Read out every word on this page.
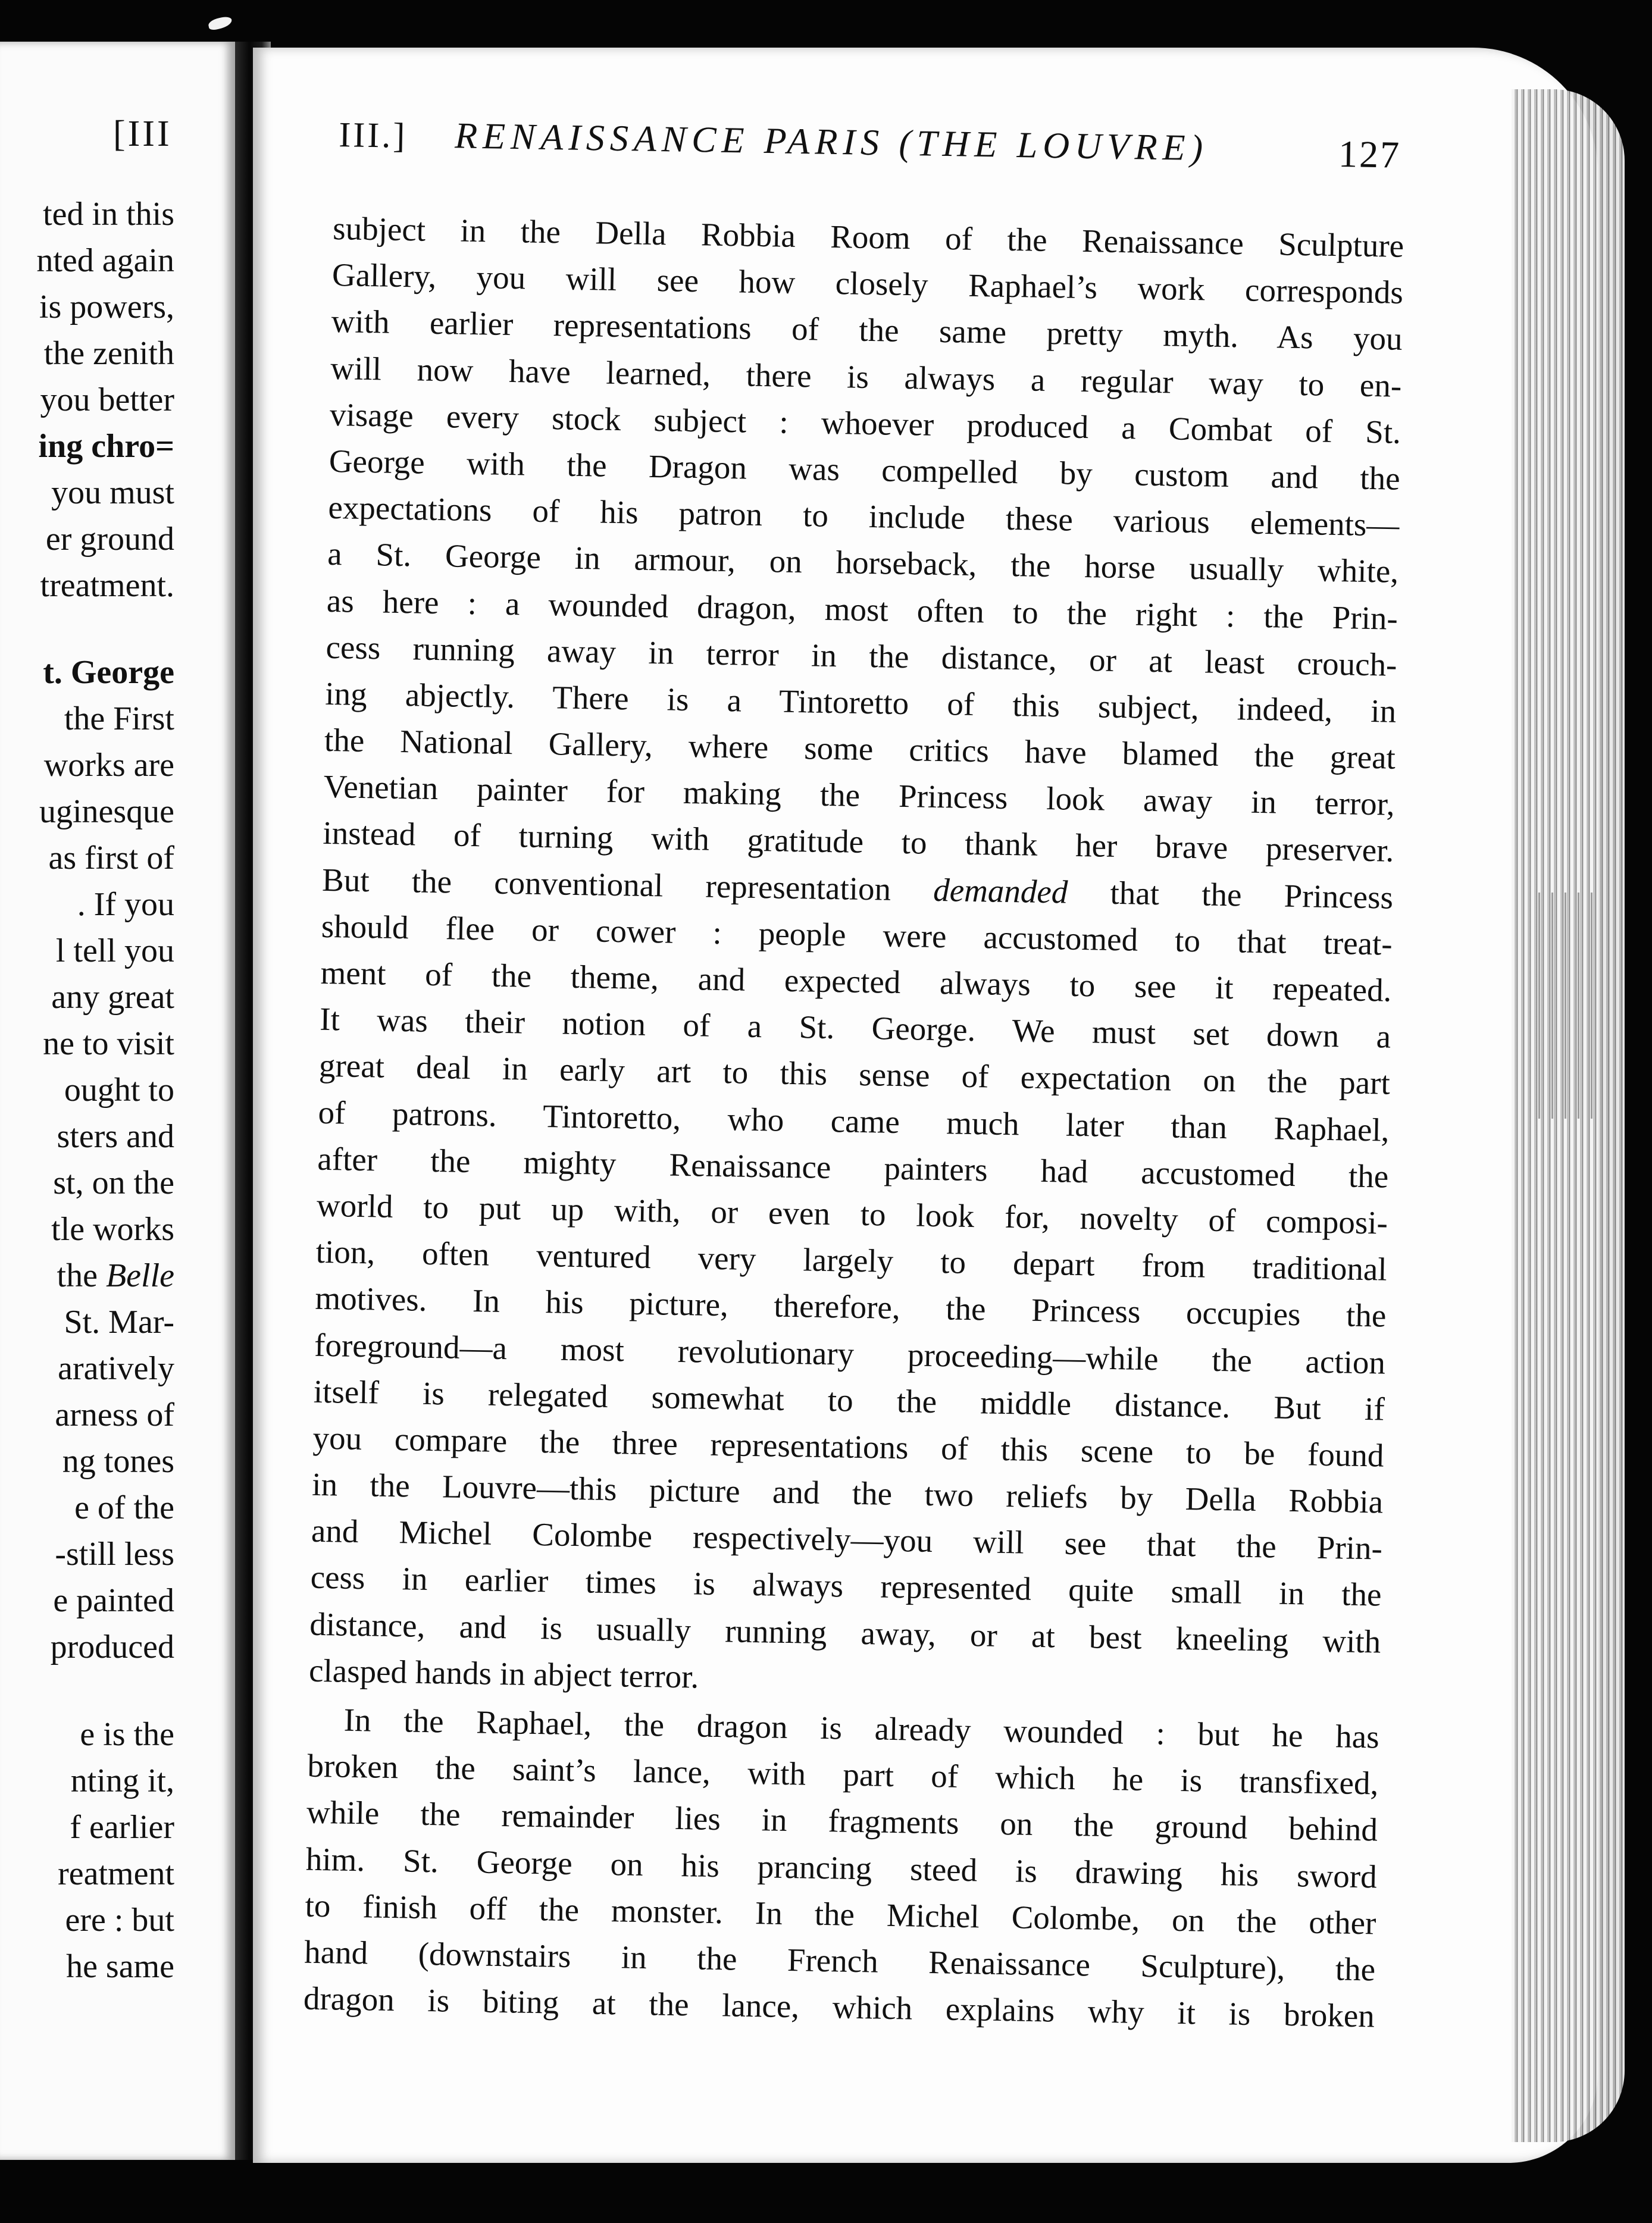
[III
ted in this
nted again
is powers,
the zenith
you better
ing chro=
you must
er ground
treatment.
t. George
the First
works are
uginesque
as first of
. If you
l tell you
any great
ne to visit
ought to
sters and
st, on the
tle works
the Belle
St. Mar-
aratively
arness of
ng tones
e of the
-still less
e painted
produced
e is the
nting it,
f earlier
reatment
ere : but
he same
III.] RENAISSANCE PARIS (THE LOUVRE)	127
subject in the Della Robbia Room of the Renaissance Sculpture
Gallery, you will see how closely Raphael’s work corresponds
with earlier representations of the same pretty myth. As you
will now have learned, there is always a regular way to en-
visage every stock subject : whoever produced a Combat of St.
George with the Dragon was compelled by custom and the
expectations of his patron to include these various elements—
a St. George in armour, on horseback, the horse usually white,
as here : a wounded dragon, most often to the right : the Prin-
cess running away in terror in the distance, or at least crouch-
ing abjectly. There is a Tintoretto of this subject, indeed, in
the National Gallery, where some critics have blamed the great
Venetian painter for making the Princess look away in terror,
instead of turning with gratitude to thank her brave preserver.
But the conventional representation demanded that the Princess
should flee or cower : people were accustomed to that treat-
ment of the theme, and expected always to see it repeated.
It was their notion of a St. George. We must set down a
great deal in early art to this sense of expectation on the part
of patrons. Tintoretto, who came much later than Raphael,
after the mighty Renaissance painters had accustomed the
world to put up with, or even to look for, novelty of composi-
tion, often ventured very largely to depart from traditional
motives. In his picture, therefore, the Princess occupies the
foreground—a most revolutionary proceeding—while the action
itself is relegated somewhat to the middle distance. But if
you compare the three representations of this scene to be found
in the Louvre—this picture and the two reliefs by Della Robbia
and Michel Colombe respectively—you will see that the Prin-
cess in earlier times is always represented quite small in the
distance, and is usually running away, or at best kneeling with
clasped hands in abject terror.
In the Raphael, the dragon is already wounded : but he has
broken the saint’s lance, with part of which he is transfixed,
while the remainder lies in fragments on the ground behind
him. St. George on his prancing steed is drawing his sword
to finish off the monster. In the Michel Colombe, on the other
hand (downstairs in the French Renaissance Sculpture), the
dragon is biting at the lance, which explains why it is broken
